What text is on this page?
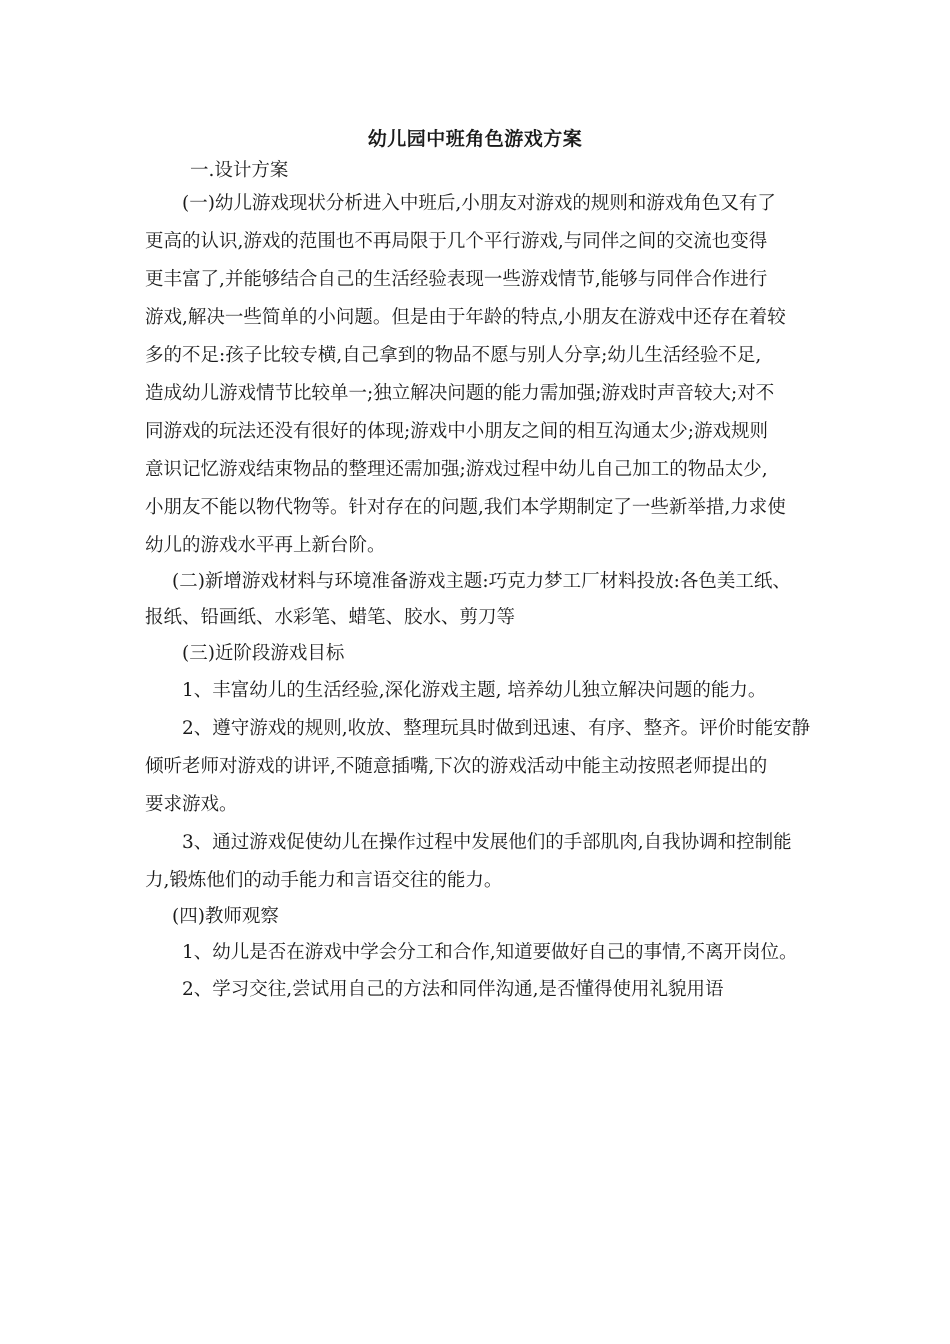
幼儿园中班角色游戏方案
一.设计方案
(一)幼儿游戏现状分析进入中班后,小朋友对游戏的规则和游戏角色又有了
更高的认识,游戏的范围也不再局限于几个平行游戏,与同伴之间的交流也变得
更丰富了,并能够结合自己的生活经验表现一些游戏情节,能够与同伴合作进行
游戏,解决一些简单的小问题。但是由于年龄的特点,小朋友在游戏中还存在着较
多的不足:孩子比较专横,自己拿到的物品不愿与别人分享;幼儿生活经验不足,
造成幼儿游戏情节比较单一;独立解决问题的能力需加强;游戏时声音较大;对不
同游戏的玩法还没有很好的体现;游戏中小朋友之间的相互沟通太少;游戏规则
意识记忆游戏结束物品的整理还需加强;游戏过程中幼儿自己加工的物品太少,
小朋友不能以物代物等。针对存在的问题,我们本学期制定了一些新举措,力求使
幼儿的游戏水平再上新台阶。
(二)新增游戏材料与环境准备游戏主题:巧克力梦工厂材料投放:各色美工纸、
报纸、铅画纸、水彩笔、蜡笔、胶水、剪刀等
(三)近阶段游戏目标
1、丰富幼儿的生活经验,深化游戏主题, 培养幼儿独立解决问题的能力。
2、遵守游戏的规则,收放、整理玩具时做到迅速、有序、整齐。评价时能安静
倾听老师对游戏的讲评,不随意插嘴,下次的游戏活动中能主动按照老师提出的
要求游戏。
3、通过游戏促使幼儿在操作过程中发展他们的手部肌肉,自我协调和控制能
力,锻炼他们的动手能力和言语交往的能力。
(四)教师观察
1、幼儿是否在游戏中学会分工和合作,知道要做好自己的事情,不离开岗位。
2、学习交往,尝试用自己的方法和同伴沟通,是否懂得使用礼貌用语
